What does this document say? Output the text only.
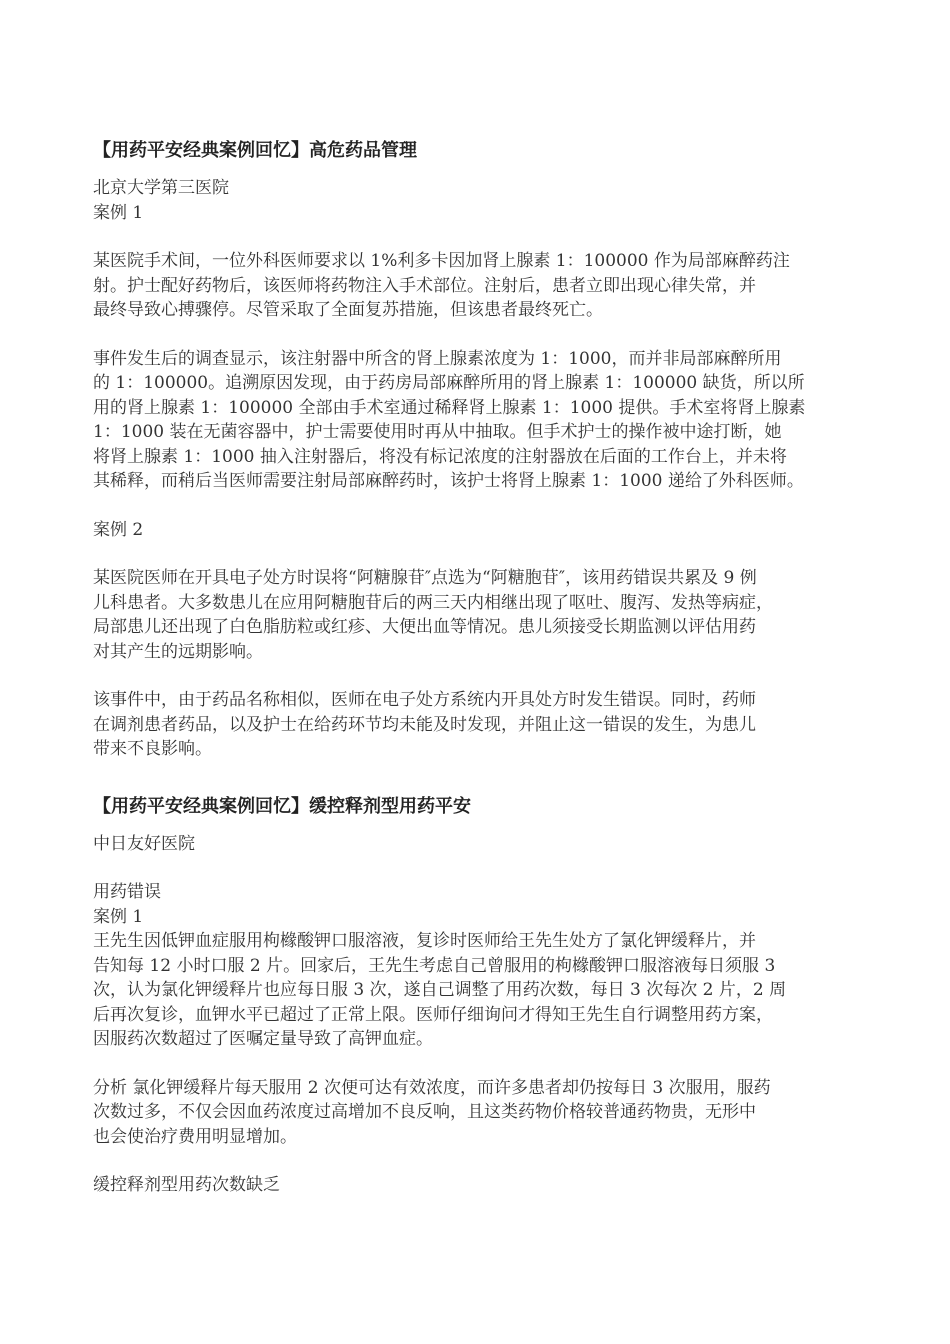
【用药平安经典案例回忆】高危药品管理
北京大学第三医院
案例 1

某医院手术间，一位外科医师要求以 1%利多卡因加肾上腺素 1：100000 作为局部麻醉药注
射。护士配好药物后，该医师将药物注入手术部位。注射后，患者立即出现心律失常，并
最终导致心搏骤停。尽管采取了全面复苏措施，但该患者最终死亡。

事件发生后的调查显示，该注射器中所含的肾上腺素浓度为 1：1000，而并非局部麻醉所用
的 1：100000。追溯原因发现，由于药房局部麻醉所用的肾上腺素 1：100000 缺货，所以所
用的肾上腺素 1：100000 全部由手术室通过稀释肾上腺素 1：1000 提供。手术室将肾上腺素
1：1000 装在无菌容器中，护士需要使用时再从中抽取。但手术护士的操作被中途打断，她
将肾上腺素 1：1000 抽入注射器后，将没有标记浓度的注射器放在后面的工作台上，并未将
其稀释，而稍后当医师需要注射局部麻醉药时，该护士将肾上腺素 1：1000 递给了外科医师。

案例 2

某医院医师在开具电子处方时误将“阿糖腺苷″点选为“阿糖胞苷″，该用药错误共累及 9 例
儿科患者。大多数患儿在应用阿糖胞苷后的两三天内相继出现了呕吐、腹泻、发热等病症，
局部患儿还出现了白色脂肪粒或红疹、大便出血等情况。患儿须接受长期监测以评估用药
对其产生的远期影响。

该事件中，由于药品名称相似，医师在电子处方系统内开具处方时发生错误。同时，药师
在调剂患者药品，以及护士在给药环节均未能及时发现，并阻止这一错误的发生，为患儿
带来不良影响。

【用药平安经典案例回忆】缓控释剂型用药平安
中日友好医院
用药错误
案例 1

王先生因低钾血症服用枸橼酸钾口服溶液，复诊时医师给王先生处方了氯化钾缓释片，并
告知每 12 小时口服 2 片。回家后，王先生考虑自己曾服用的枸橼酸钾口服溶液每日须服 3
次，认为氯化钾缓释片也应每日服 3 次，遂自己调整了用药次数，每日 3 次每次 2 片，2 周
后再次复诊，血钾水平已超过了正常上限。医师仔细询问才得知王先生自行调整用药方案，
因服药次数超过了医嘱定量导致了高钾血症。

分析 氯化钾缓释片每天服用 2 次便可达有效浓度，而许多患者却仍按每日 3 次服用，服药
次数过多，不仅会因血药浓度过高增加不良反响，且这类药物价格较普通药物贵，无形中
也会使治疗费用明显增加。

缓控释剂型用药次数缺乏
